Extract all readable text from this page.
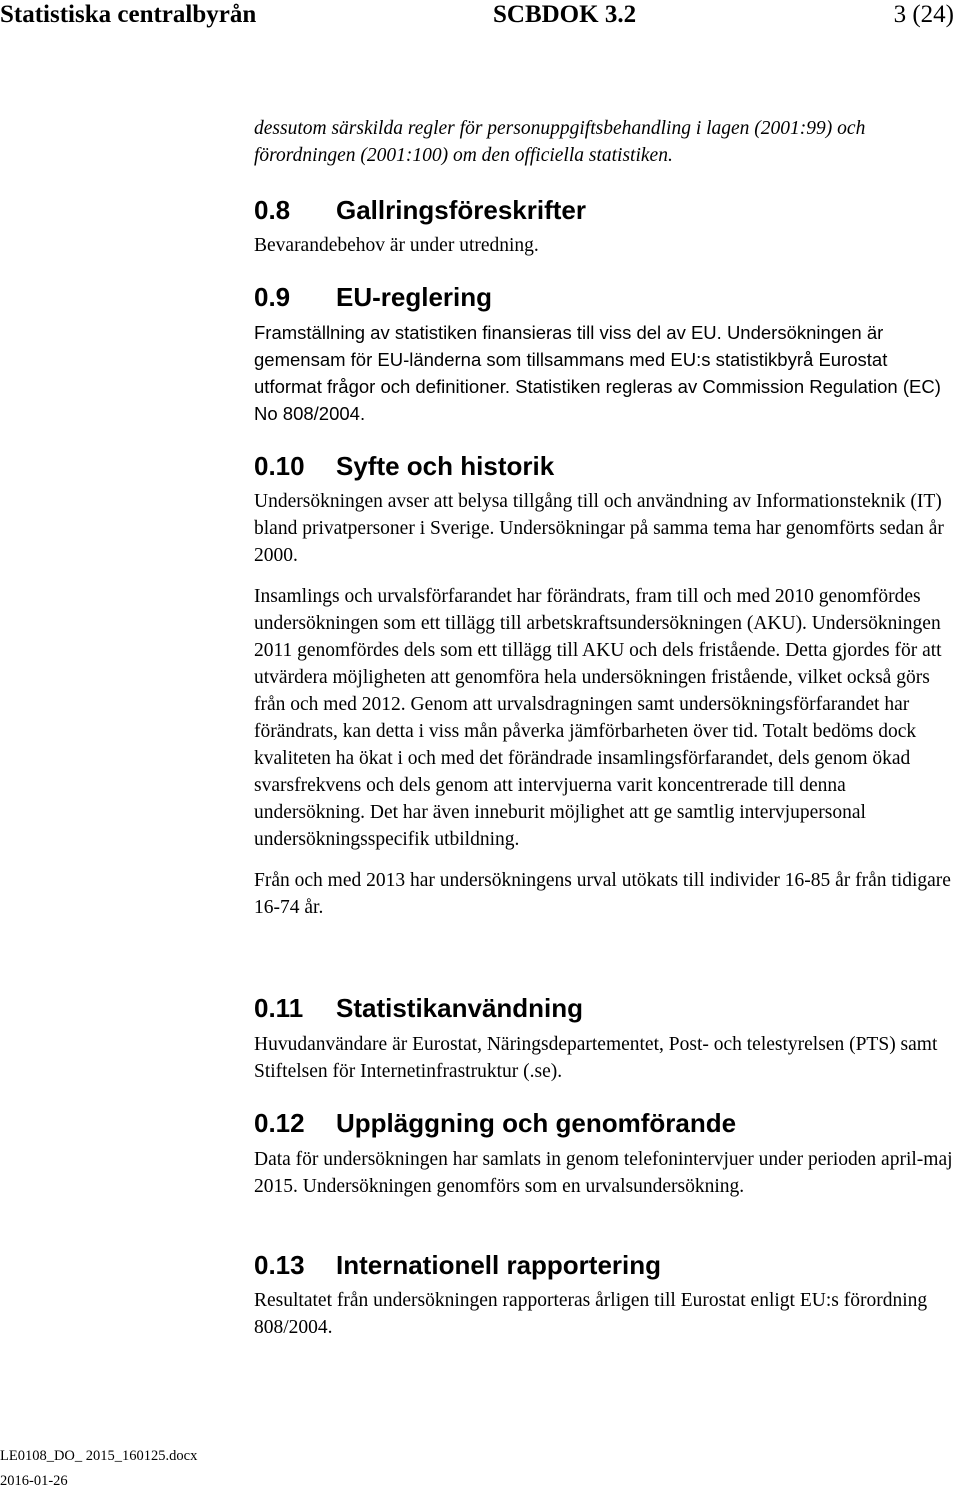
Statistiska centralbyrån	SCBDOK 3.2	3 (24)

dessutom särskilda regler för personuppgiftsbehandling i lagen (2001:99) och förordningen (2001:100) om den officiella statistiken.

0.8 Gallringsföreskrifter

Bevarandebehov är under utredning.

0.9 EU-reglering

Framställning av statistiken finansieras till viss del av EU. Undersökningen är gemensam för EU-länderna som tillsammans med EU:s statistikbyrå Eurostat utformat frågor och definitioner. Statistiken regleras av Commission Regulation (EC) No 808/2004.

0.10 Syfte och historik

Undersökningen avser att belysa tillgång till och användning av Informationsteknik (IT) bland privatpersoner i Sverige. Undersökningar på samma tema har genomförts sedan år 2000.

Insamlings och urvalsförfarandet har förändrats, fram till och med 2010 genomfördes undersökningen som ett tillägg till arbetskraftsundersökningen (AKU). Undersökningen 2011 genomfördes dels som ett tillägg till AKU och dels fristående. Detta gjordes för att utvärdera möjligheten att genomföra hela undersökningen fristående, vilket också görs från och med 2012. Genom att urvalsdragningen samt undersökningsförfarandet har förändrats, kan detta i viss mån påverka jämförbarheten över tid. Totalt bedöms dock kvaliteten ha ökat i och med det förändrade insamlingsförfarandet, dels genom ökad svarsfrekvens och dels genom att intervjuerna varit koncentrerade till denna undersökning. Det har även inneburit möjlighet att ge samtlig intervjupersonal undersökningsspecifik utbildning.

Från och med 2013 har undersökningens urval utökats till individer 16-85 år från tidigare 16-74 år.

0.11 Statistikanvändning

Huvudanvändare är Eurostat, Näringsdepartementet, Post- och telestyrelsen (PTS) samt Stiftelsen för Internetinfrastruktur (.se).

0.12 Uppläggning och genomförande

Data för undersökningen har samlats in genom telefonintervjuer under perioden april-maj 2015. Undersökningen genomförs som en urvalsundersökning.

0.13 Internationell rapportering

Resultatet från undersökningen rapporteras årligen till Eurostat enligt EU:s förordning 808/2004.

LE0108_DO_ 2015_160125.docx
2016-01-26
